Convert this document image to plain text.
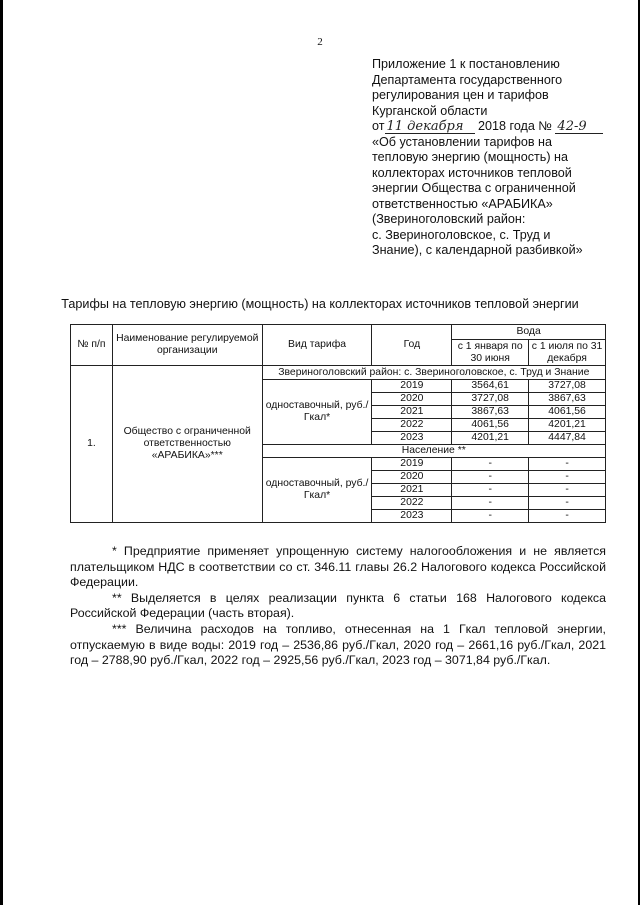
2
Приложение 1 к постановлению
Департамента государственного
регулирования цен и тарифов
Курганской области
от 11 декабря 2018 года № 42-9
«Об установлении тарифов на
тепловую энергию (мощность) на
коллекторах источников тепловой
энергии Общества с ограниченной
ответственностью «АРАБИКА»
(Звериноголовский район:
с. Звериноголовское, с. Труд и
Знание), с календарной разбивкой»
Тарифы на тепловую энергию (мощность) на коллекторах источников тепловой энергии
№ п/п	Наименование регулируемой организации	Вид тарифа	Год	Вода	
				с 1 января по 30 июня	с 1 июля по 31 декабря
1.	Общество с ограниченной ответственностью «АРАБИКА»***	Звериноголовский район: с. Звериноголовское, с. Труд и Знание			
		одноставочный, руб./Гкал*	2019	3564,61	3727,08
			2020	3727,08	3867,63
			2021	3867,63	4061,56
			2022	4061,56	4201,21
			2023	4201,21	4447,84
		Население **			
		одноставочный, руб./Гкал*	2019	-	-
			2020	-	-
			2021	-	-
			2022	-	-
			2023	-	-

* Предприятие применяет упрощенную систему налогообложения и не является плательщиком НДС в соответствии со ст. 346.11 главы 26.2 Налогового кодекса Российской Федерации.

** Выделяется в целях реализации пункта 6 статьи 168 Налогового кодекса Российской Федерации (часть вторая).

*** Величина расходов на топливо, отнесенная на 1 Гкал тепловой энергии, отпускаемую в виде воды: 2019 год – 2536,86 руб./Гкал, 2020 год – 2661,16 руб./Гкал, 2021 год – 2788,90 руб./Гкал, 2022 год – 2925,56 руб./Гкал, 2023 год – 3071,84 руб./Гкал.
